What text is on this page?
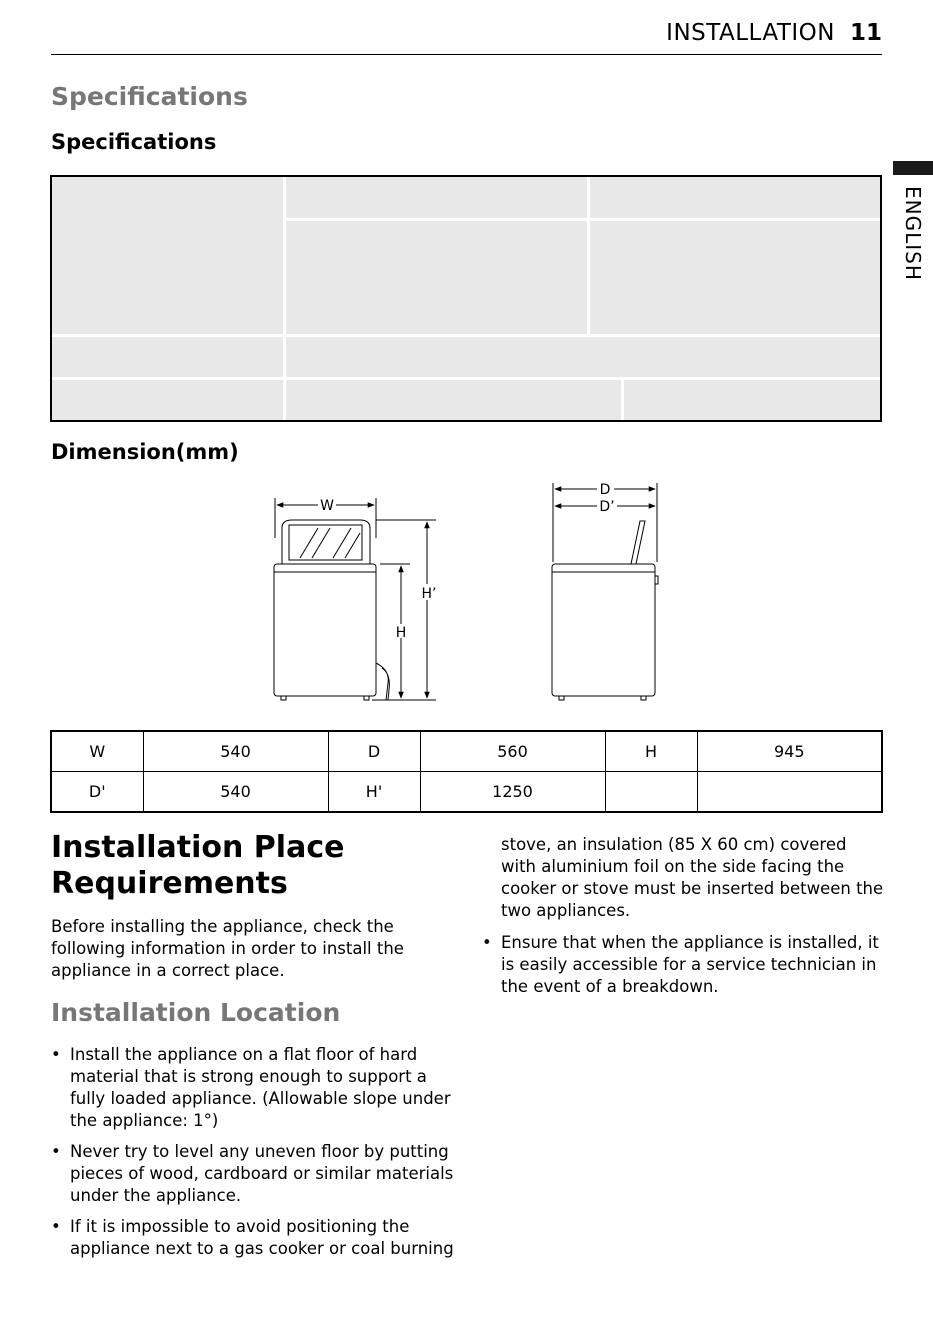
INSTALLATION 11
ENGLISH
Specifications
Specifications
Dimension(mm)
W
H
H’
D
D’
W	540	D	560	H	945
D'	540	H'	1250		
Installation Place
Requirements
Before installing the appliance, check the following information in order to install the appliance in a correct place.
Installation Location
• Install the appliance on a flat floor of hard material that is strong enough to support a fully loaded appliance. (Allowable slope under the appliance: 1°)
• Never try to level any uneven floor by putting pieces of wood, cardboard or similar materials under the appliance.
• If it is impossible to avoid positioning the appliance next to a gas cooker or coal burning
stove, an insulation (85 X 60 cm) covered with aluminium foil on the side facing the cooker or stove must be inserted between the two appliances.
• Ensure that when the appliance is installed, it is easily accessible for a service technician in the event of a breakdown.
